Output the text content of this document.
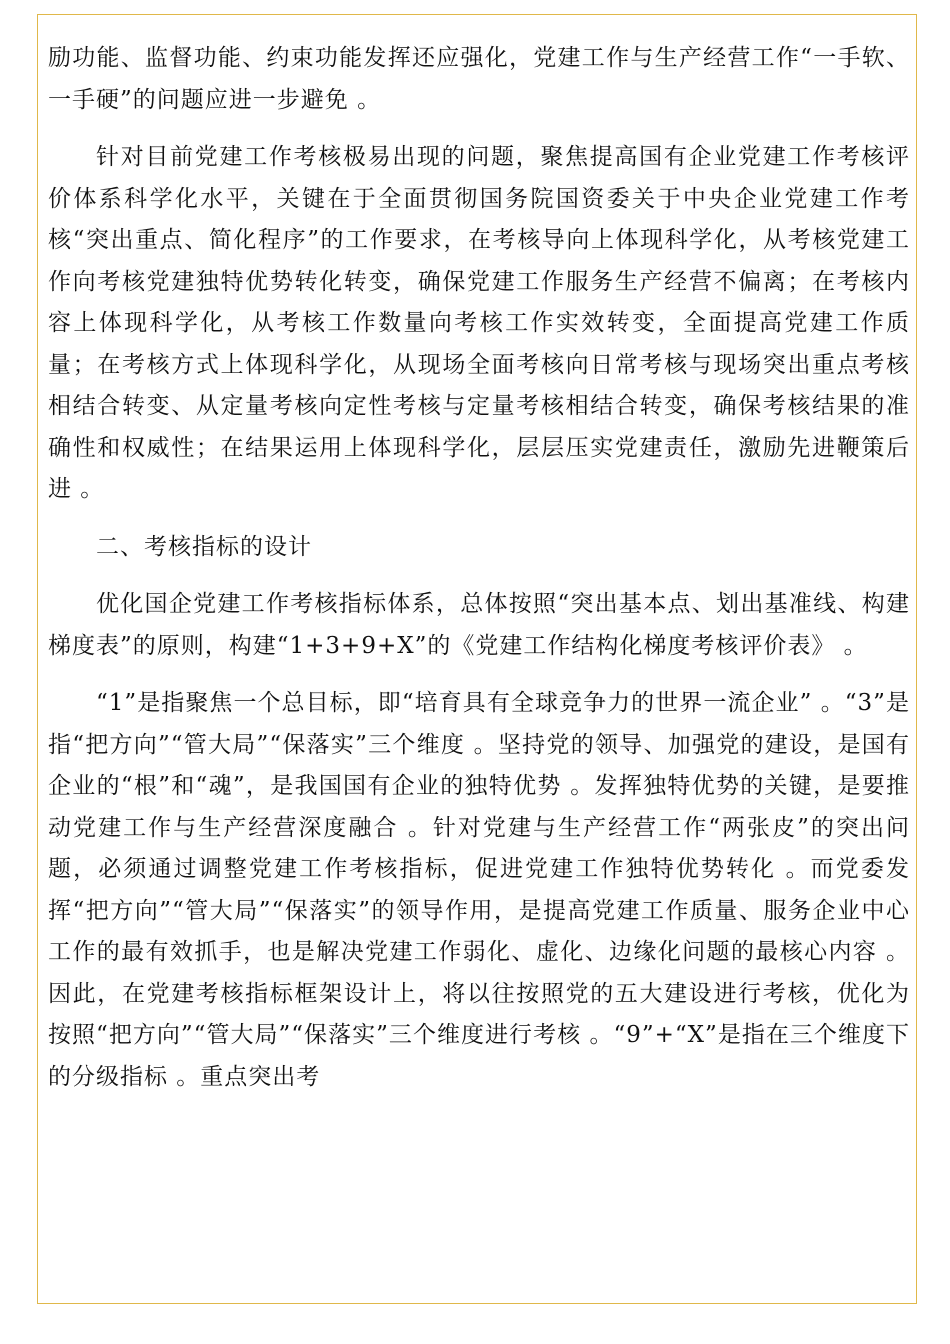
励功能、监督功能、约束功能发挥还应强化，党建工作与生产经营工作“一手软、一手硬”的问题应进一步避免 。

针对目前党建工作考核极易出现的问题，聚焦提高国有企业党建工作考核评价体系科学化水平，关键在于全面贯彻国务院国资委关于中央企业党建工作考核“突出重点、简化程序”的工作要求，在考核导向上体现科学化，从考核党建工作向考核党建独特优势转化转变，确保党建工作服务生产经营不偏离；在考核内容上体现科学化，从考核工作数量向考核工作实效转变，全面提高党建工作质量；在考核方式上体现科学化，从现场全面考核向日常考核与现场突出重点考核相结合转变、从定量考核向定性考核与定量考核相结合转变，确保考核结果的准确性和权威性；在结果运用上体现科学化，层层压实党建责任，激励先进鞭策后进 。

二、考核指标的设计

优化国企党建工作考核指标体系，总体按照“突出基本点、划出基准线、构建梯度表”的原则，构建“1+3+9+X”的《党建工作结构化梯度考核评价表》 。

“1”是指聚焦一个总目标，即“培育具有全球竞争力的世界一流企业” 。“3”是指“把方向”“管大局”“保落实”三个维度 。坚持党的领导、加强党的建设，是国有企业的“根”和“魂”，是我国国有企业的独特优势 。发挥独特优势的关键，是要推动党建工作与生产经营深度融合 。针对党建与生产经营工作“两张皮”的突出问题，必须通过调整党建工作考核指标，促进党建工作独特优势转化 。而党委发挥“把方向”“管大局”“保落实”的领导作用，是提高党建工作质量、服务企业中心工作的最有效抓手，也是解决党建工作弱化、虚化、边缘化问题的最核心内容 。因此，在党建考核指标框架设计上，将以往按照党的五大建设进行考核，优化为按照“把方向”“管大局”“保落实”三个维度进行考核 。“9”+“X”是指在三个维度下的分级指标 。重点突出考
